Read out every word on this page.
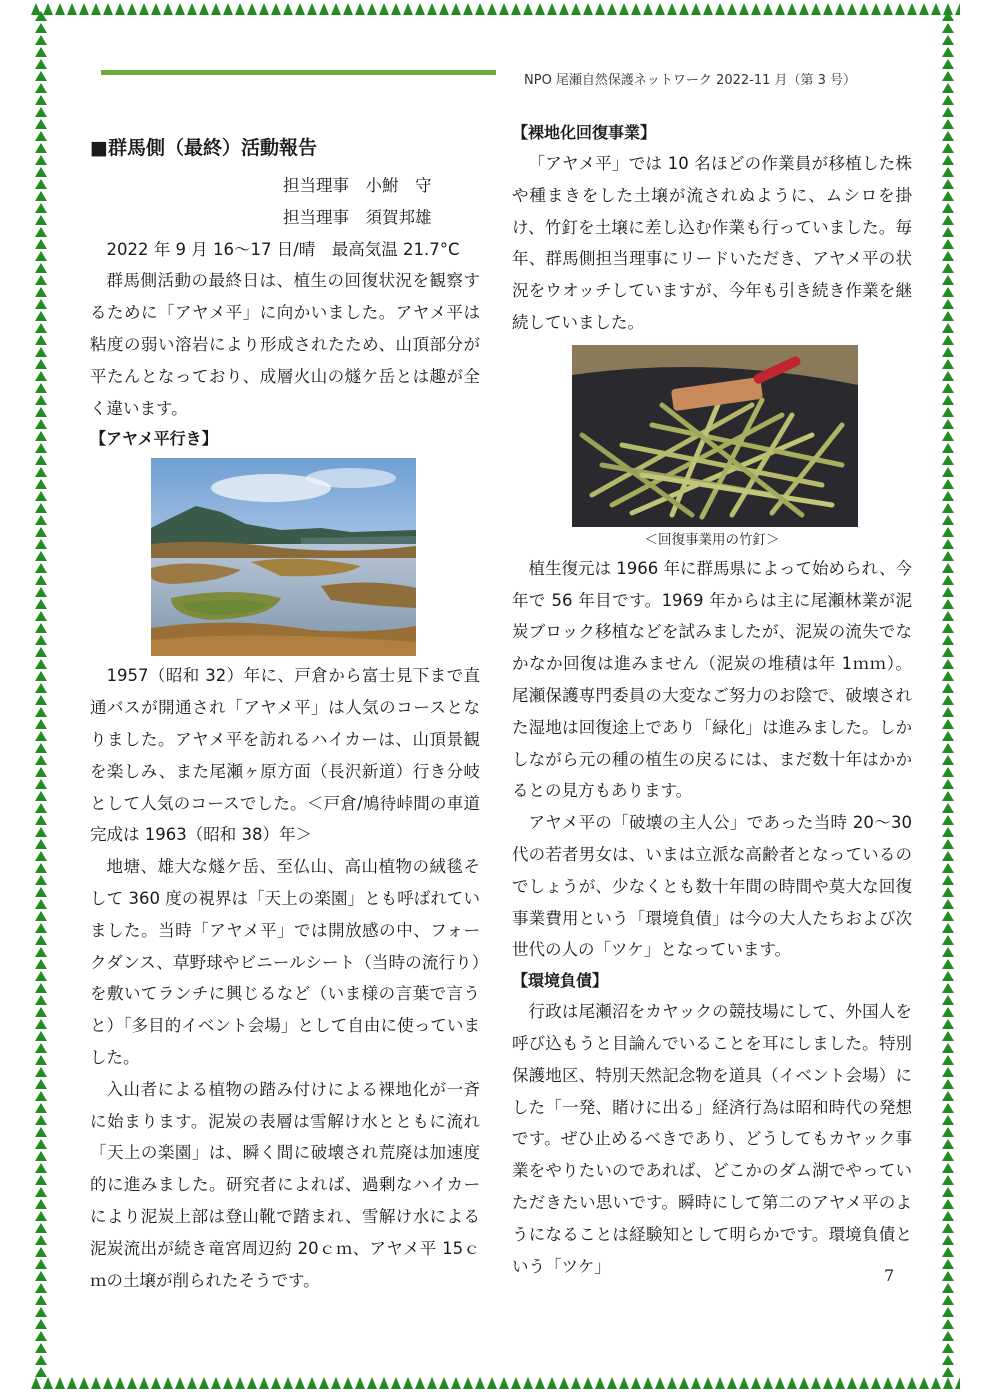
NPO 尾瀬自然保護ネットワーク 2022-11 月（第 3 号）

■群馬側（最終）活動報告

担当理事　小鮒　守

担当理事　須賀邦雄

2022 年 9 月 16～17 日/晴　最高気温 21.7°C

群馬側活動の最終日は、植生の回復状況を観察するために「アヤメ平」に向かいました。アヤメ平は粘度の弱い溶岩により形成されたため、山頂部分が平たんとなっており、成層火山の燧ケ岳とは趣が全く違います。

【アヤメ平行き】

1957（昭和 32）年に、戸倉から富士見下まで直通バスが開通され「アヤメ平」は人気のコースとなりました。アヤメ平を訪れるハイカーは、山頂景観を楽しみ、また尾瀬ヶ原方面（長沢新道）行き分岐として人気のコースでした。＜戸倉/鳩待峠間の車道完成は 1963（昭和 38）年＞

地塘、雄大な燧ケ岳、至仏山、高山植物の絨毯そして 360 度の視界は「天上の楽園」とも呼ばれていました。当時「アヤメ平」では開放感の中、フォークダンス、草野球やビニールシート（当時の流行り）を敷いてランチに興じるなど（いま様の言葉で言うと）「多目的イベント会場」として自由に使っていました。

入山者による植物の踏み付けによる裸地化が一斉に始まります。泥炭の表層は雪解け水とともに流れ「天上の楽園」は、瞬く間に破壊され荒廃は加速度的に進みました。研究者によれば、過剰なハイカーにより泥炭上部は登山靴で踏まれ、雪解け水による泥炭流出が続き竜宮周辺約 20ｃｍ、アヤメ平 15ｃｍの土壌が削られたそうです。

【裸地化回復事業】

「アヤメ平」では 10 名ほどの作業員が移植した株や種まきをした土壌が流されぬように、ムシロを掛け、竹釘を土壌に差し込む作業も行っていました。毎年、群馬側担当理事にリードいただき、アヤメ平の状況をウオッチしていますが、今年も引き続き作業を継続していました。

＜回復事業用の竹釘＞

植生復元は 1966 年に群馬県によって始められ、今年で 56 年目です。1969 年からは主に尾瀬林業が泥炭ブロック移植などを試みましたが、泥炭の流失でなかなか回復は進みません（泥炭の堆積は年 1ｍｍ）。尾瀬保護専門委員の大変なご努力のお陰で、破壊された湿地は回復途上であり「緑化」は進みました。しかしながら元の種の植生の戻るには、まだ数十年はかかるとの見方もあります。

アヤメ平の「破壊の主人公」であった当時 20～30 代の若者男女は、いまは立派な高齢者となっているのでしょうが、少なくとも数十年間の時間や莫大な回復事業費用という「環境負債」は今の大人たちおよび次世代の人の「ツケ」となっています。

【環境負債】

行政は尾瀬沼をカヤックの競技場にして、外国人を呼び込もうと目論んでいることを耳にしました。特別保護地区、特別天然記念物を道具（イベント会場）にした「一発、賭けに出る」経済行為は昭和時代の発想です。ぜひ止めるべきであり、どうしてもカヤック事業をやりたいのであれば、どこかのダム湖でやっていただきたい思いです。瞬時にして第二のアヤメ平のようになることは経験知として明らかです。環境負債という「ツケ」	7
